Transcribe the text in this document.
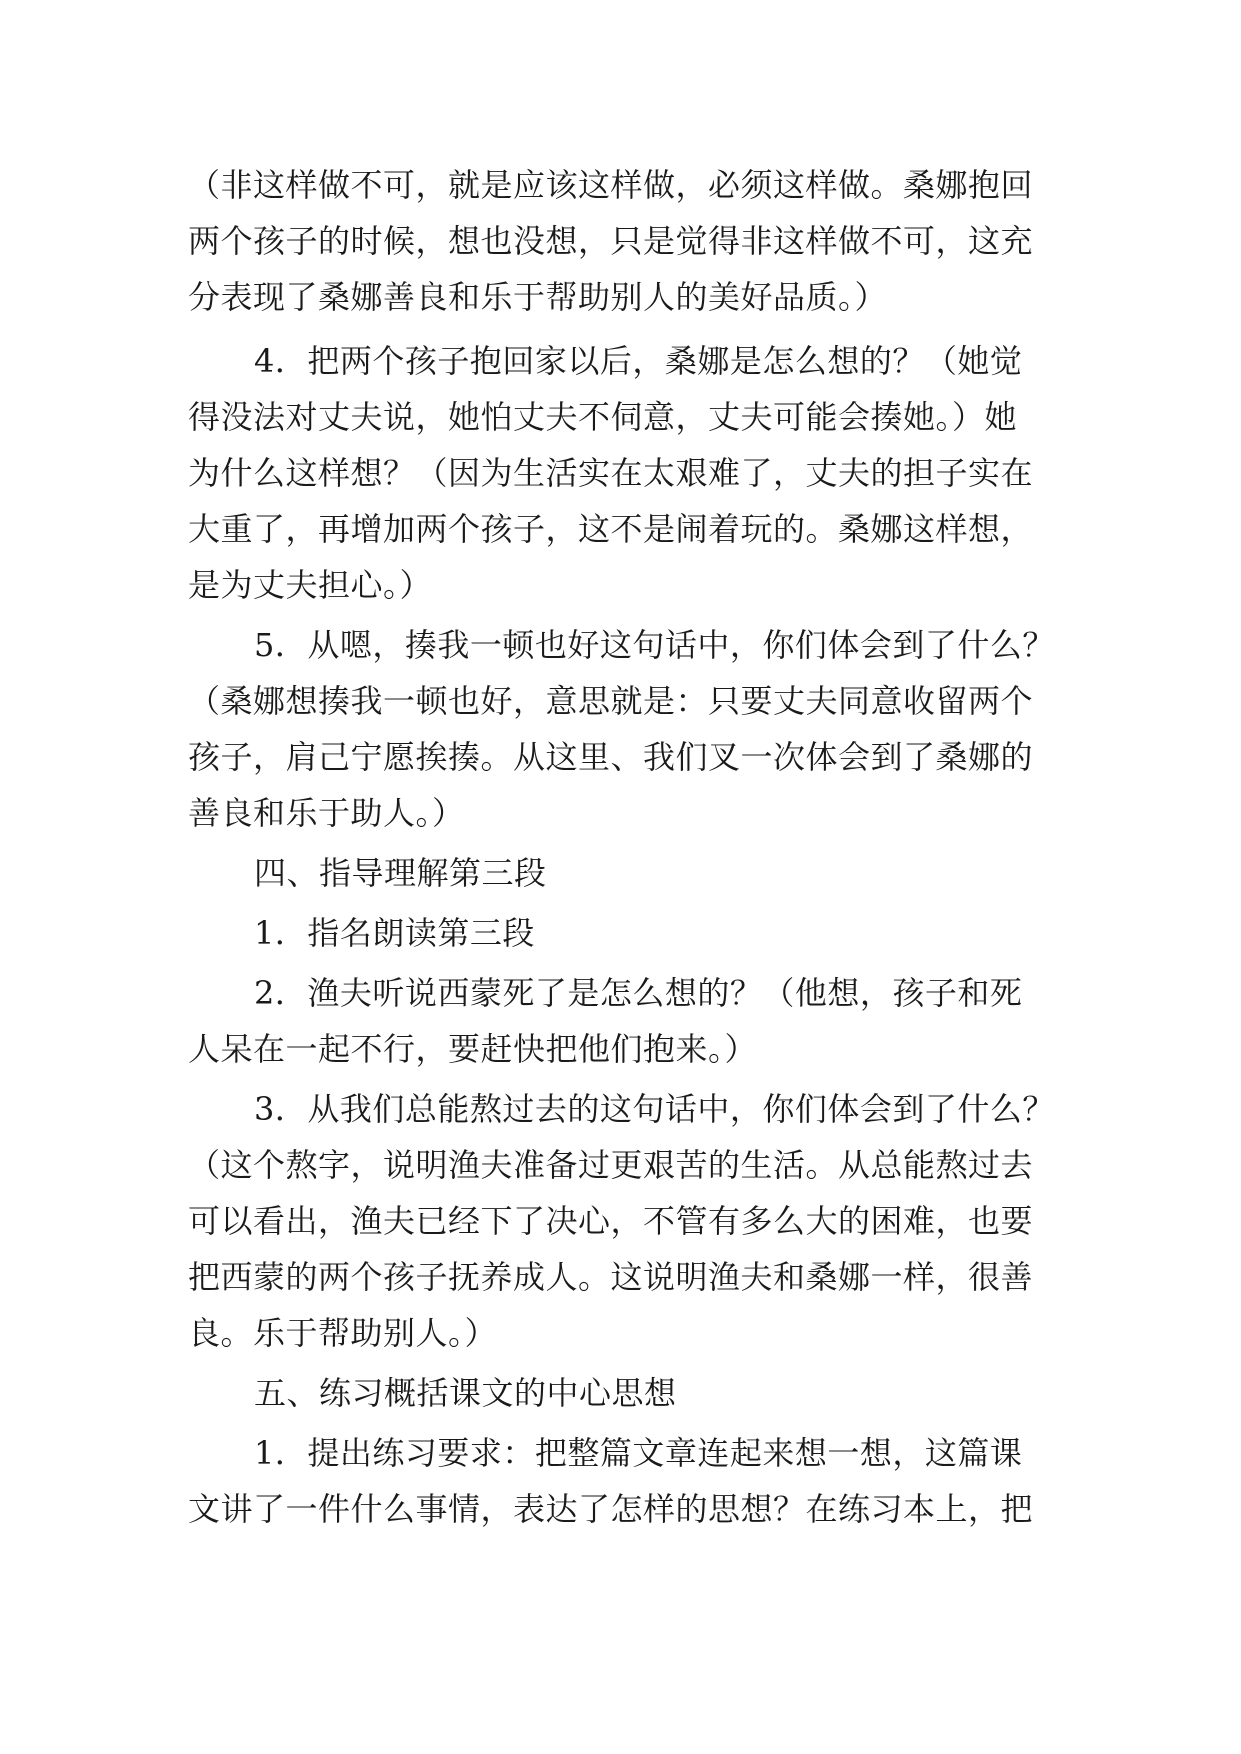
（非这样做不可，就是应该这样做，必须这样做。桑娜抱回
两个孩子的时候，想也没想，只是觉得非这样做不可，这充
分表现了桑娜善良和乐于帮助别人的美好品质。）
4．把两个孩子抱回家以后，桑娜是怎么想的？（她觉
得没法对丈夫说，她怕丈夫不伺意，丈夫可能会揍她。）她
为什么这样想？（因为生活实在太艰难了，丈夫的担子实在
大重了，再增加两个孩子，这不是闹着玩的。桑娜这样想，
是为丈夫担心。）
5．从嗯，揍我一顿也好这句话中，你们体会到了什么？
（桑娜想揍我一顿也好，意思就是：只要丈夫同意收留两个
孩子，肩己宁愿挨揍。从这里、我们叉一次体会到了桑娜的
善良和乐于助人。）
四、指导理解第三段
1．指名朗读第三段
2．渔夫听说西蒙死了是怎么想的？（他想，孩子和死
人呆在一起不行，要赶快把他们抱来。）
3．从我们总能熬过去的这句话中，你们体会到了什么？
（这个熬字，说明渔夫准备过更艰苦的生活。从总能熬过去
可以看出，渔夫已经下了决心，不管有多么大的困难，也要
把西蒙的两个孩子抚养成人。这说明渔夫和桑娜一样，很善
良。乐于帮助别人。）
五、练习概括课文的中心思想
1．提出练习要求：把整篇文章连起来想一想，这篇课
文讲了一件什么事情，表达了怎样的思想？在练习本上，把
